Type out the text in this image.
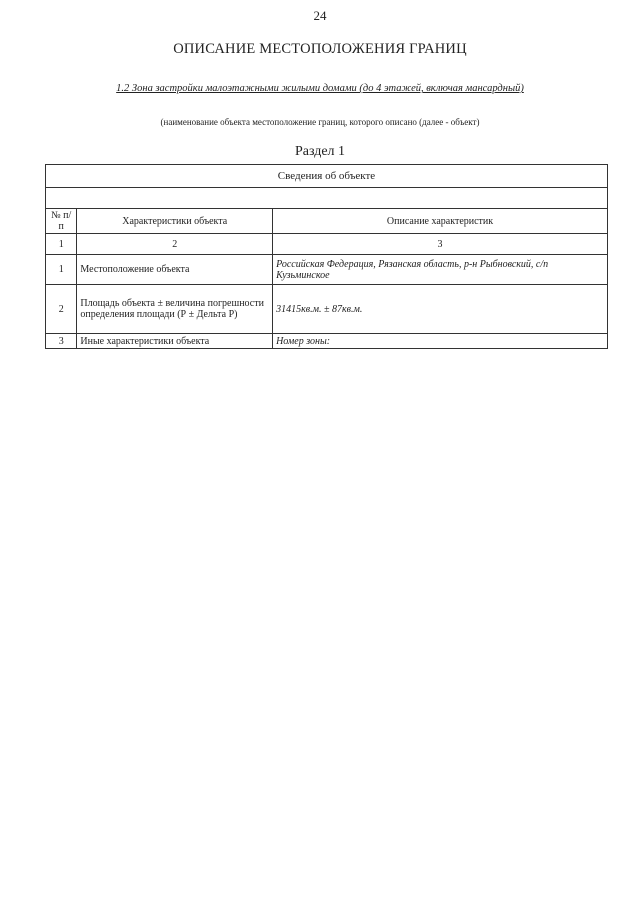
24
ОПИСАНИЕ МЕСТОПОЛОЖЕНИЯ ГРАНИЦ
1.2 Зона застройки малоэтажными жилыми домами (до 4 этажей, включая мансардный)
(наименование объекта местоположение границ, которого описано (далее - объект)
Раздел 1
Сведения об объекте		

№ п/п	Характеристики объекта	Описание характеристик
1	2	3
1	Местоположение объекта	Российская Федерация, Рязанская область, р-н Рыбновский, с/п Кузьминское
2	Площадь объекта ± величина погрешности определения площади (Р ± Дельта Р)	31415кв.м. ± 87кв.м.
3	Иные характеристики объекта	Номер зоны:
